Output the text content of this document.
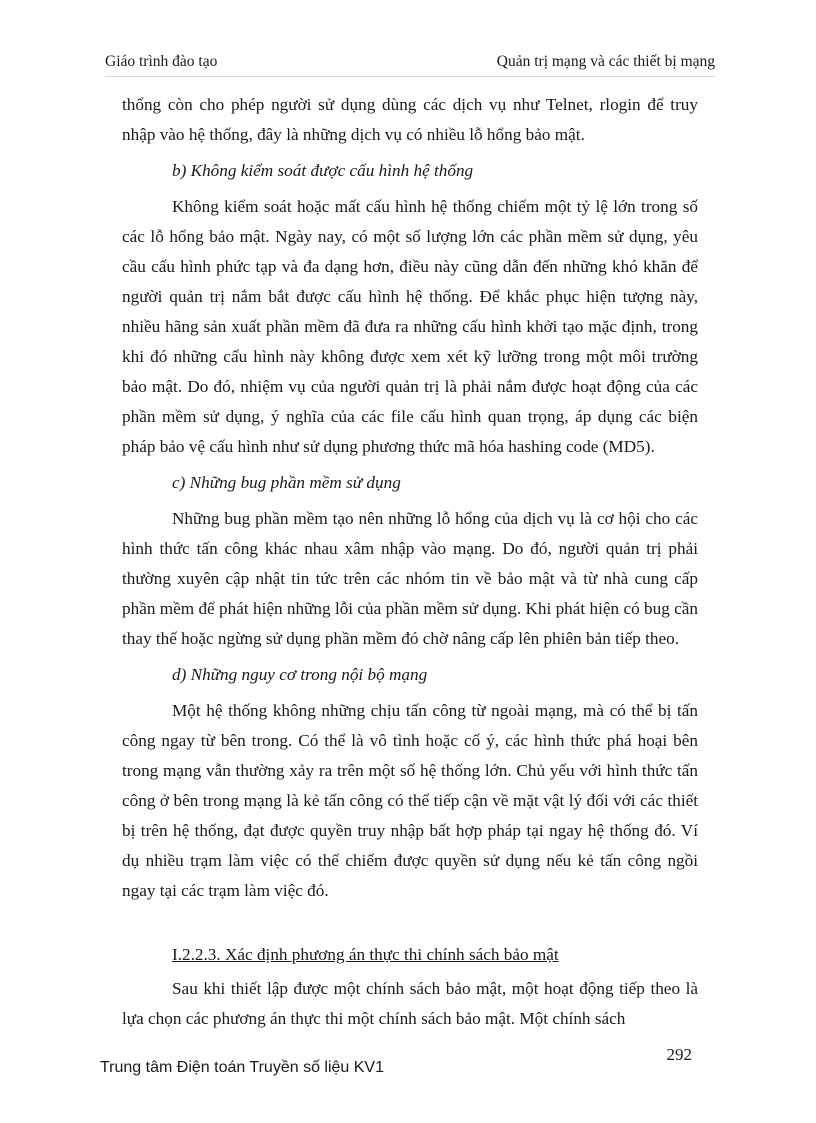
Giáo trình đào tạo	Quản trị mạng và các thiết bị mạng

thống còn cho phép người sử dụng dùng các dịch vụ như Telnet, rlogin để truy nhập vào hệ thống, đây là những dịch vụ có nhiều lỗ hổng bảo mật.

b) Không kiểm soát được cấu hình hệ thống

Không kiểm soát hoặc mất cấu hình hệ thống chiếm một tỷ lệ lớn trong số các lỗ hổng bảo mật. Ngày nay, có một số lượng lớn các phần mềm sử dụng, yêu cầu cấu hình phức tạp và đa dạng hơn, điều này cũng dẫn đến những khó khăn để người quản trị nắm bắt được cấu hình hệ thống. Để khắc phục hiện tượng này, nhiều hãng sản xuất phần mềm đã đưa ra những cấu hình khởi tạo mặc định, trong khi đó những cấu hình này không được xem xét kỹ lưỡng trong một môi trường bảo mật. Do đó, nhiệm vụ của người quản trị là phải nắm được hoạt động của các phần mềm sử dụng, ý nghĩa của các file cấu hình quan trọng, áp dụng các biện pháp bảo vệ cấu hình như sử dụng phương thức mã hóa hashing code (MD5).

c) Những bug phần mềm sử dụng

Những bug phần mềm tạo nên những lỗ hổng của dịch vụ là cơ hội cho các hình thức tấn công khác nhau xâm nhập vào mạng. Do đó, người quản trị phải thường xuyên cập nhật tin tức trên các nhóm tin về bảo mật và từ nhà cung cấp phần mềm để phát hiện những lỗi của phần mềm sử dụng. Khi phát hiện có bug cần thay thế hoặc ngừng sử dụng phần mềm đó chờ nâng cấp lên phiên bản tiếp theo.

d) Những nguy cơ trong nội bộ mạng

Một hệ thống không những chịu tấn công từ ngoài mạng, mà có thể bị tấn công ngay từ bên trong. Có thể là vô tình hoặc cố ý, các hình thức phá hoại bên trong mạng vẫn thường xảy ra trên một số hệ thống lớn. Chủ yếu với hình thức tấn công ở bên trong mạng là kẻ tấn công có thể tiếp cận về mặt vật lý đối với các thiết bị trên hệ thống, đạt được quyền truy nhập bất hợp pháp tại ngay hệ thống đó. Ví dụ nhiều trạm làm việc có thể chiếm được quyền sử dụng nếu kẻ tấn công ngồi ngay tại các trạm làm việc đó.

I.2.2.3. Xác định phương án thực thi chính sách bảo mật

Sau khi thiết lập được một chính sách bảo mật, một hoạt động tiếp theo là lựa chọn các phương án thực thi một chính sách bảo mật. Một chính sách

Trung tâm Điện toán Truyền số liệu KV1
292
